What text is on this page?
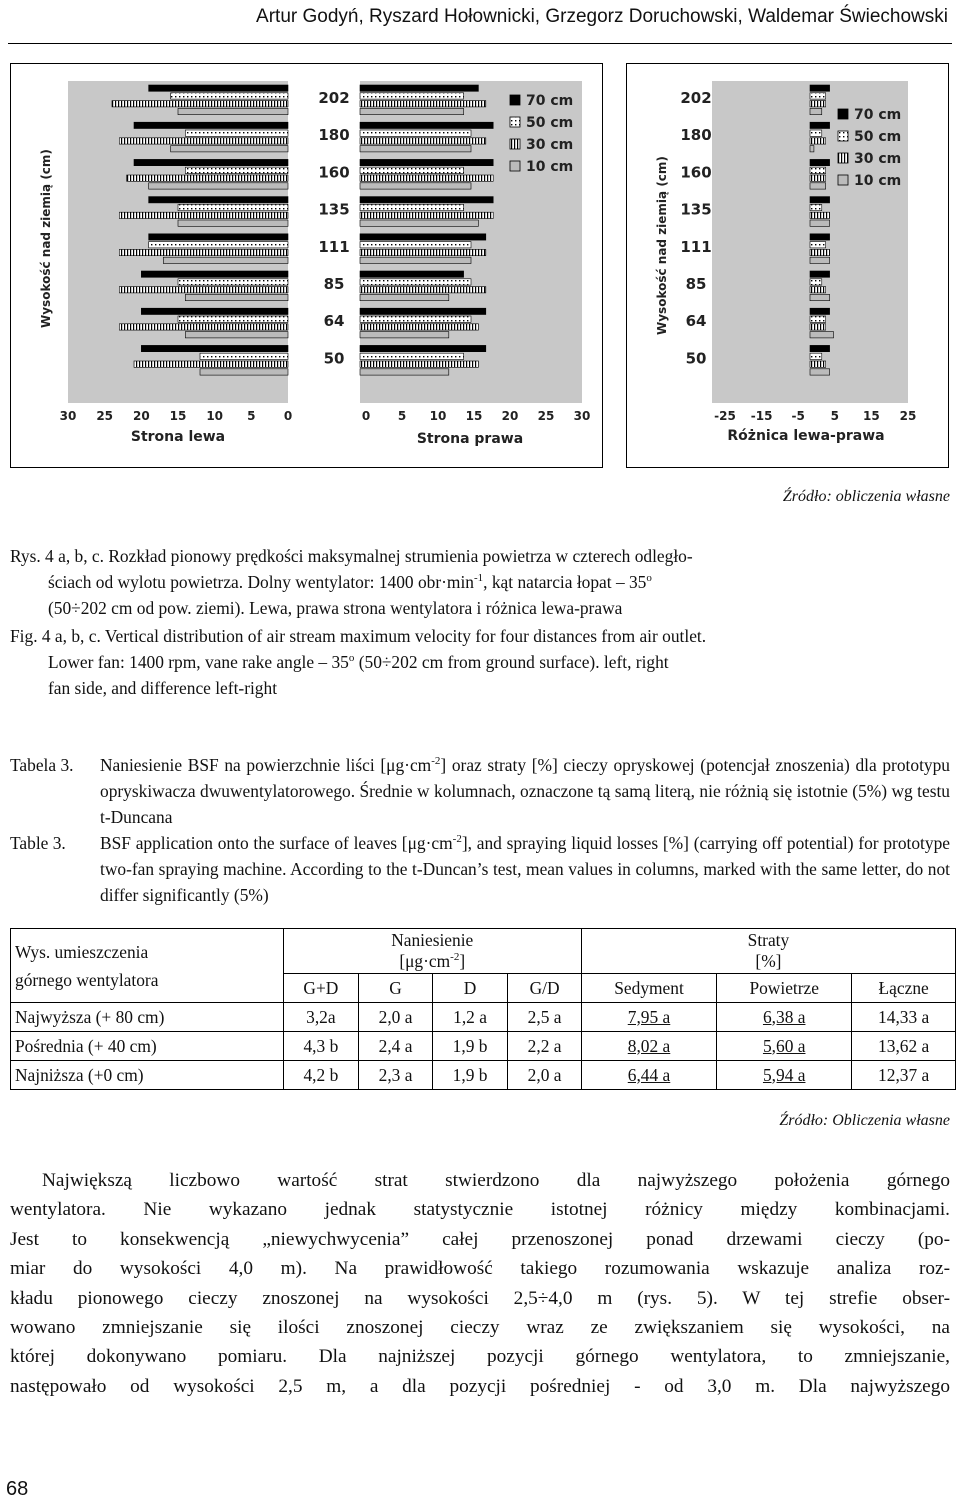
Artur Godyń, Ryszard Hołownicki, Grzegorz Doruchowski, Waldemar Świechowski
Wysokość nad ziemią (cm)	Wysokość nad ziemią (cm)
202	202
180	180
160	160
135	135
111	111
85	85
64	64
50	50
70 cm
50 cm
30 cm
10 cm
70 cm
50 cm
30 cm
10 cm
30 25 20 15 10 5 0	0 5 10 15 20 25 30	-25 -15 -5 5 15 25
Strona lewa	Strona prawa	Różnica lewa-prawa
Źródło: obliczenia własne
Rys. 4 a, b, c. Rozkład pionowy prędkości maksymalnej strumienia powietrza w czterech odległo-
ściach od wylotu powietrza. Dolny wentylator: 1400 $obr\cdot\min^{-1}$, kąt natarcia łopat – 35$^o$
(50÷202 cm od pow. ziemi). Lewa, prawa strona wentylatora i różnica lewa-prawa
Fig. 4 a, b, c. Vertical distribution of air stream maximum velocity for four distances from air outlet.
Lower fan: 1400 rpm, vane rake angle – 35$^o$ (50÷202 cm from ground surface). left, right
fan side, and difference left-right
Tabela 3.	Naniesienie BSF na powierzchnie liści $[\mu g\cdot cm^{-2}]$ oraz straty [%] cieczy opryskowej (potencjał znoszenia) dla prototypu opryskiwacza dwuwentylatorowego. Średnie w kolumnach, oznaczone tą samą literą, nie różnią się istotnie (5%) wg testu t-Duncana
Table 3.	BSF application onto the surface of leaves $[\mu g\cdot cm^{-2}]$, and spraying liquid losses [%] (carrying off potential) for prototype two-fan spraying machine. According to the t-Duncan’s test, mean values in columns, marked with the same letter, do not differ significantly (5%)
Wys. umieszczenia
górnego wentylatora	Naniesienie
$[\mu g\cdot cm^{-2}]$				Straty
[%]		
	G+D	G	D	G/D	Sedyment	Powietrze	Łączne
Najwyższa (+ 80 cm)	3,2a	2,0 a	1,2 a	2,5 a	7,95 a	6,38 a	14,33 a
Pośrednia (+ 40 cm)	4,3 b	2,4 a	1,9 b	2,2 a	8,02 a	5,60 a	13,62 a
Najniższa (+0 cm)	4,2 b	2,3 a	1,9 b	2,0 a	6,44 a	5,94 a	12,37 a
Źródło: Obliczenia własne
Największą liczbowo wartość strat stwierdzono dla najwyższego położenia górnego
wentylatora. Nie wykazano jednak statystycznie istotnej różnicy między kombinacjami.
Jest to konsekwencją „niewychwycenia” całej przenoszonej ponad drzewami cieczy (po-
miar do wysokości 4,0 m). Na prawidłowość takiego rozumowania wskazuje analiza roz-
kładu pionowego cieczy znoszonej na wysokości 2,5÷4,0 m (rys. 5). W tej strefie obser-
wowano zmniejszanie się ilości znoszonej cieczy wraz ze zwiększaniem się wysokości, na
której dokonywano pomiaru. Dla najniższej pozycji górnego wentylatora, to zmniejszanie,
następowało od wysokości 2,5 m, a dla pozycji pośredniej - od 3,0 m. Dla najwyższego
68
